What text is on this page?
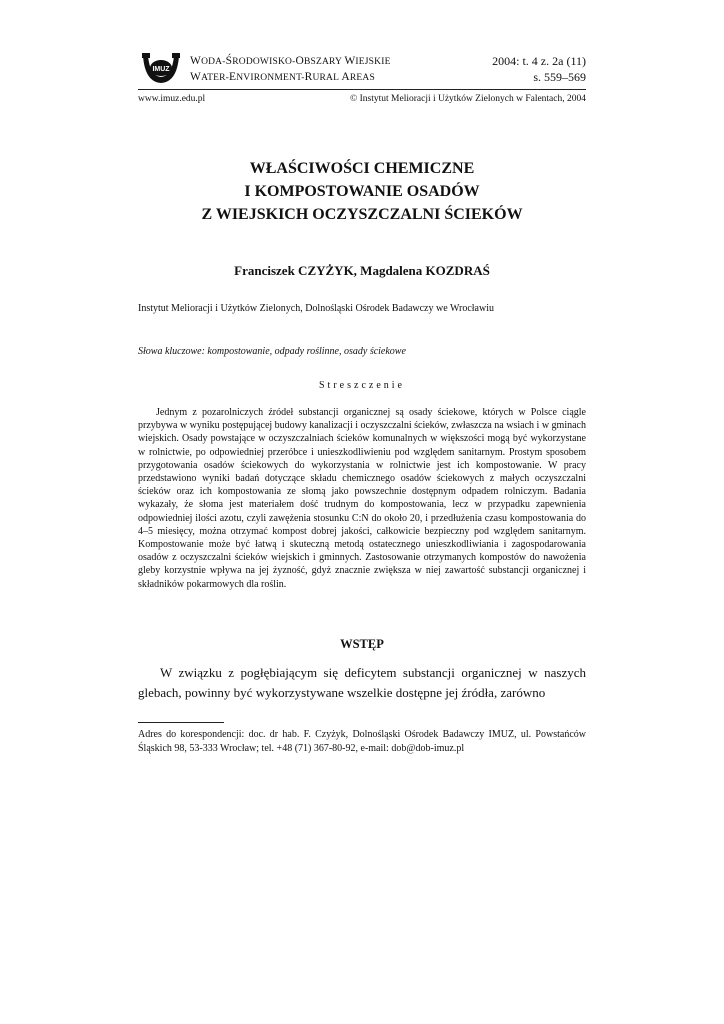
IMUZ
WODA-ŚRODOWISKO-OBSZARY WIEJSKIE
WATER-ENVIRONMENT-RURAL AREAS
2004: t. 4 z. 2a (11)
s. 559–569
www.imuz.edu.pl	© Instytut Melioracji i Użytków Zielonych w Falentach, 2004
WŁAŚCIWOŚCI CHEMICZNE
I KOMPOSTOWANIE OSADÓW
Z WIEJSKICH OCZYSZCZALNI ŚCIEKÓW
Franciszek CZYŻYK, Magdalena KOZDRAŚ
Instytut Melioracji i Użytków Zielonych, Dolnośląski Ośrodek Badawczy we Wrocławiu
Słowa kluczowe: kompostowanie, odpady roślinne, osady ściekowe
Streszczenie

Jednym z pozarolniczych źródeł substancji organicznej są osady ściekowe, których w Polsce ciągle przybywa w wyniku postępującej budowy kanalizacji i oczyszczalni ścieków, zwłaszcza na wsiach i w gminach wiejskich. Osady powstające w oczyszczalniach ścieków komunalnych w większości mogą być wykorzystane w rolnictwie, po odpowiedniej przeróbce i unieszkodliwieniu pod względem sanitarnym. Prostym sposobem przygotowania osadów ściekowych do wykorzystania w rolnictwie jest ich kompostowanie. W pracy przedstawiono wyniki badań dotyczące składu chemicznego osadów ściekowych z małych oczyszczalni ścieków oraz ich kompostowania ze słomą jako powszechnie dostępnym odpadem rolniczym. Badania wykazały, że słoma jest materiałem dość trudnym do kompostowania, lecz w przypadku zapewnienia odpowiedniej ilości azotu, czyli zawężenia stosunku C:N do około 20, i przedłużenia czasu kompostowania do 4–5 miesięcy, można otrzymać kompost dobrej jakości, całkowicie bezpieczny pod względem sanitarnym. Kompostowanie może być łatwą i skuteczną metodą ostatecznego unieszkodliwiania i zagospodarowania osadów z oczyszczalni ścieków wiejskich i gminnych. Zastosowanie otrzymanych kompostów do nawożenia gleby korzystnie wpływa na jej żyzność, gdyż znacznie zwiększa w niej zawartość substancji organicznej i składników pokarmowych dla roślin.

WSTĘP

W związku z pogłębiającym się deficytem substancji organicznej w naszych glebach, powinny być wykorzystywane wszelkie dostępne jej źródła, zarówno

Adres do korespondencji: doc. dr hab. F. Czyżyk, Dolnośląski Ośrodek Badawczy IMUZ, ul. Powstańców Śląskich 98, 53-333 Wrocław; tel. +48 (71) 367-80-92, e-mail: dob@dob-imuz.pl
